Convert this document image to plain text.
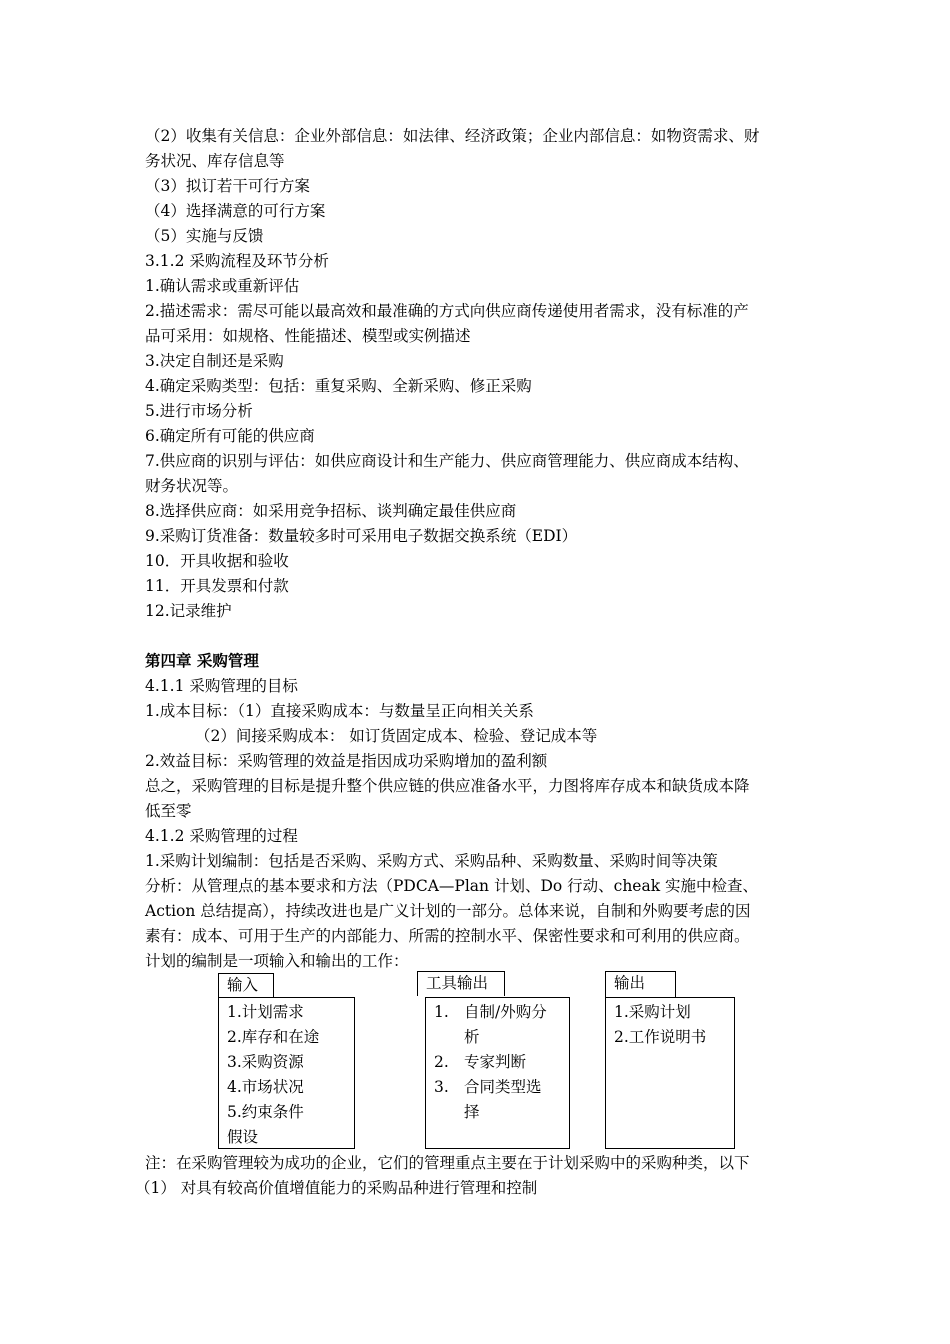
（2）收集有关信息：企业外部信息：如法律、经济政策；企业内部信息：如物资需求、财
务状况、库存信息等
（3）拟订若干可行方案
（4）选择满意的可行方案
（5）实施与反馈
3.1.2 采购流程及环节分析
1.确认需求或重新评估
2.描述需求：需尽可能以最高效和最准确的方式向供应商传递使用者需求，没有标准的产
品可采用：如规格、性能描述、模型或实例描述
3.决定自制还是采购
4.确定采购类型：包括：重复采购、全新采购、修正采购
5.进行市场分析
6.确定所有可能的供应商
7.供应商的识别与评估：如供应商设计和生产能力、供应商管理能力、供应商成本结构、
财务状况等。
8.选择供应商：如采用竞争招标、谈判确定最佳供应商
9.采购订货准备：数量较多时可采用电子数据交换系统（EDI）
10．开具收据和验收
11．开具发票和付款
12.记录维护
第四章 采购管理
4.1.1 采购管理的目标
1.成本目标：（1）直接采购成本：与数量呈正向相关关系
（2）间接采购成本： 如订货固定成本、检验、登记成本等
2.效益目标：采购管理的效益是指因成功采购增加的盈利额
总之，采购管理的目标是提升整个供应链的供应准备水平，力图将库存成本和缺货成本降
低至零
4.1.2 采购管理的过程
1.采购计划编制：包括是否采购、采购方式、采购品种、采购数量、采购时间等决策
分析：从管理点的基本要求和方法（PDCA—Plan 计划、Do 行动、cheak 实施中检查、
Action 总结提高），持续改进也是广义计划的一部分。总体来说，自制和外购要考虑的因
素有：成本、可用于生产的内部能力、所需的控制水平、保密性要求和可利用的供应商。
计划的编制是一项输入和输出的工作：
输入
1.计划需求
2.库存和在途
3.采购资源
4.市场状况
5.约束条件
假设
工具输出
1. 自制/外购分
析
2. 专家判断
3. 合同类型选
择
输出
1.采购计划
2.工作说明书
注：在采购管理较为成功的企业，它们的管理重点主要在于计划采购中的采购种类，以下
（1） 对具有较高价值增值能力的采购品种进行管理和控制
